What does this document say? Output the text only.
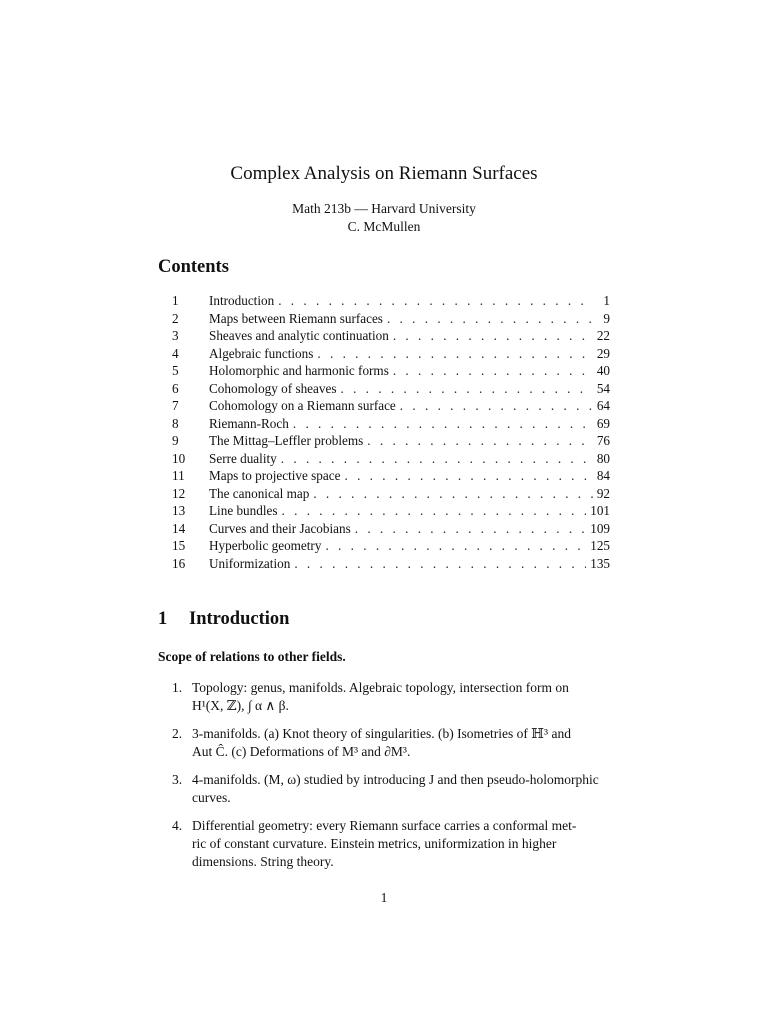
Complex Analysis on Riemann Surfaces
Math 213b — Harvard University
C. McMullen
Contents
1	Introduction . . .	1
2	Maps between Riemann surfaces . . .	9
3	Sheaves and analytic continuation . . .	22
4	Algebraic functions . . .	29
5	Holomorphic and harmonic forms . . .	40
6	Cohomology of sheaves . . .	54
7	Cohomology on a Riemann surface . . .	64
8	Riemann-Roch . . .	69
9	The Mittag–Leffler problems . . .	76
10	Serre duality . . .	80
11	Maps to projective space . . .	84
12	The canonical map . . .	92
13	Line bundles . . .	101
14	Curves and their Jacobians . . .	109
15	Hyperbolic geometry . . .	125
16	Uniformization . . .	135
1 Introduction
Scope of relations to other fields.
1. Topology: genus, manifolds. Algebraic topology, intersection form on
H¹(X, ℤ), ∫ α ∧ β.
2. 3-manifolds. (a) Knot theory of singularities. (b) Isometries of ℍ³ and
Aut Ĉ. (c) Deformations of M³ and ∂M³.
3. 4-manifolds. (M, ω) studied by introducing J and then pseudo-holomorphic
curves.
4. Differential geometry: every Riemann surface carries a conformal met-
ric of constant curvature. Einstein metrics, uniformization in higher
dimensions. String theory.
1
